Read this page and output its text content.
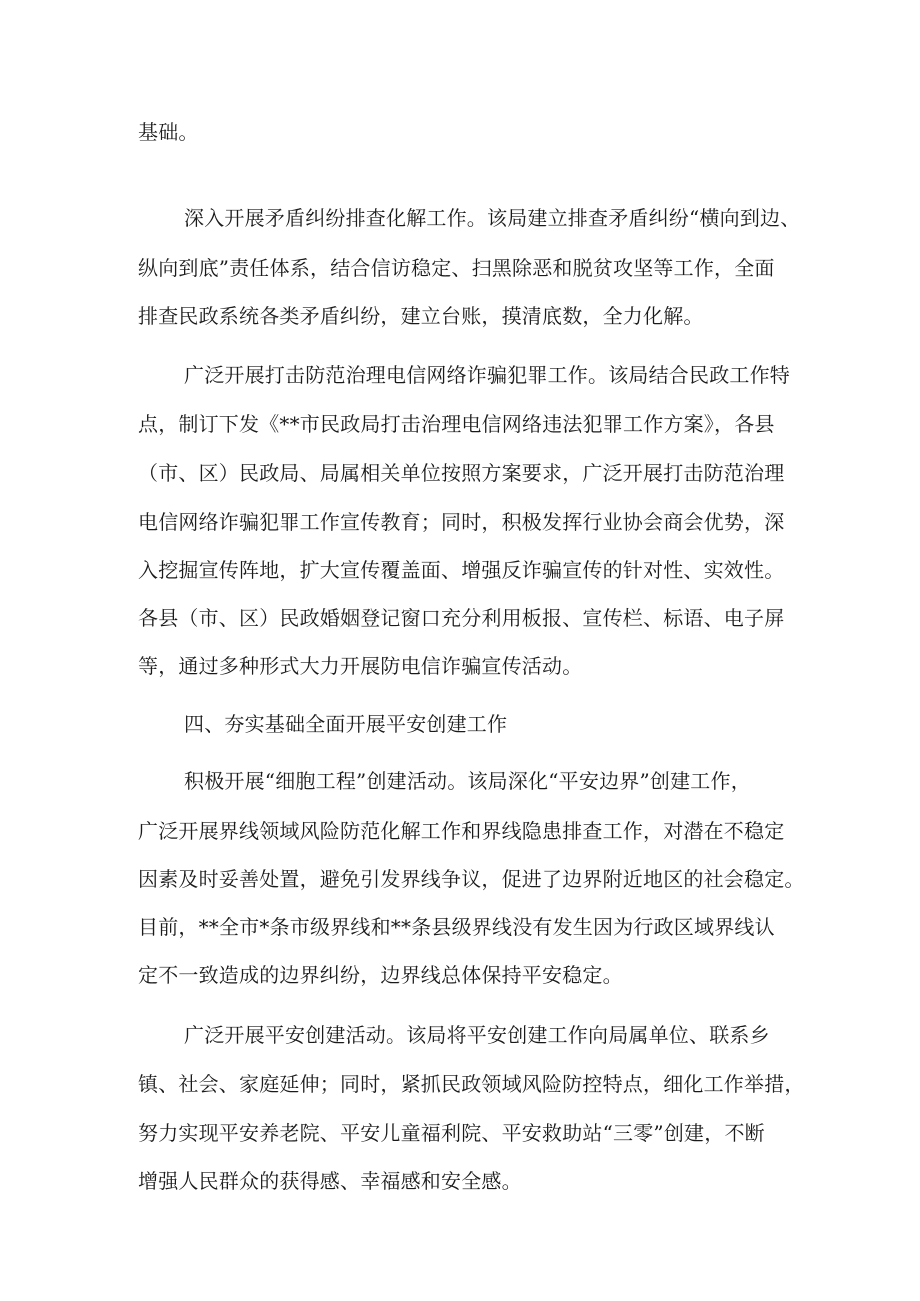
基础。
深入开展矛盾纠纷排查化解工作。该局建立排查矛盾纠纷“横向到边、
纵向到底”责任体系，结合信访稳定、扫黑除恶和脱贫攻坚等工作，全面
排查民政系统各类矛盾纠纷，建立台账，摸清底数，全力化解。
广泛开展打击防范治理电信网络诈骗犯罪工作。该局结合民政工作特
点，制订下发《**市民政局打击治理电信网络违法犯罪工作方案》，各县
（市、区）民政局、局属相关单位按照方案要求，广泛开展打击防范治理
电信网络诈骗犯罪工作宣传教育；同时，积极发挥行业协会商会优势，深
入挖掘宣传阵地，扩大宣传覆盖面、增强反诈骗宣传的针对性、实效性。
各县（市、区）民政婚姻登记窗口充分利用板报、宣传栏、标语、电子屏
等，通过多种形式大力开展防电信诈骗宣传活动。
四、夯实基础全面开展平安创建工作
积极开展“细胞工程”创建活动。该局深化“平安边界”创建工作，
广泛开展界线领域风险防范化解工作和界线隐患排查工作，对潜在不稳定
因素及时妥善处置，避免引发界线争议，促进了边界附近地区的社会稳定。
目前，**全市*条市级界线和**条县级界线没有发生因为行政区域界线认
定不一致造成的边界纠纷，边界线总体保持平安稳定。
广泛开展平安创建活动。该局将平安创建工作向局属单位、联系乡
镇、社会、家庭延伸；同时，紧抓民政领域风险防控特点，细化工作举措，
努力实现平安养老院、平安儿童福利院、平安救助站“三零”创建，不断
增强人民群众的获得感、幸福感和安全感。
